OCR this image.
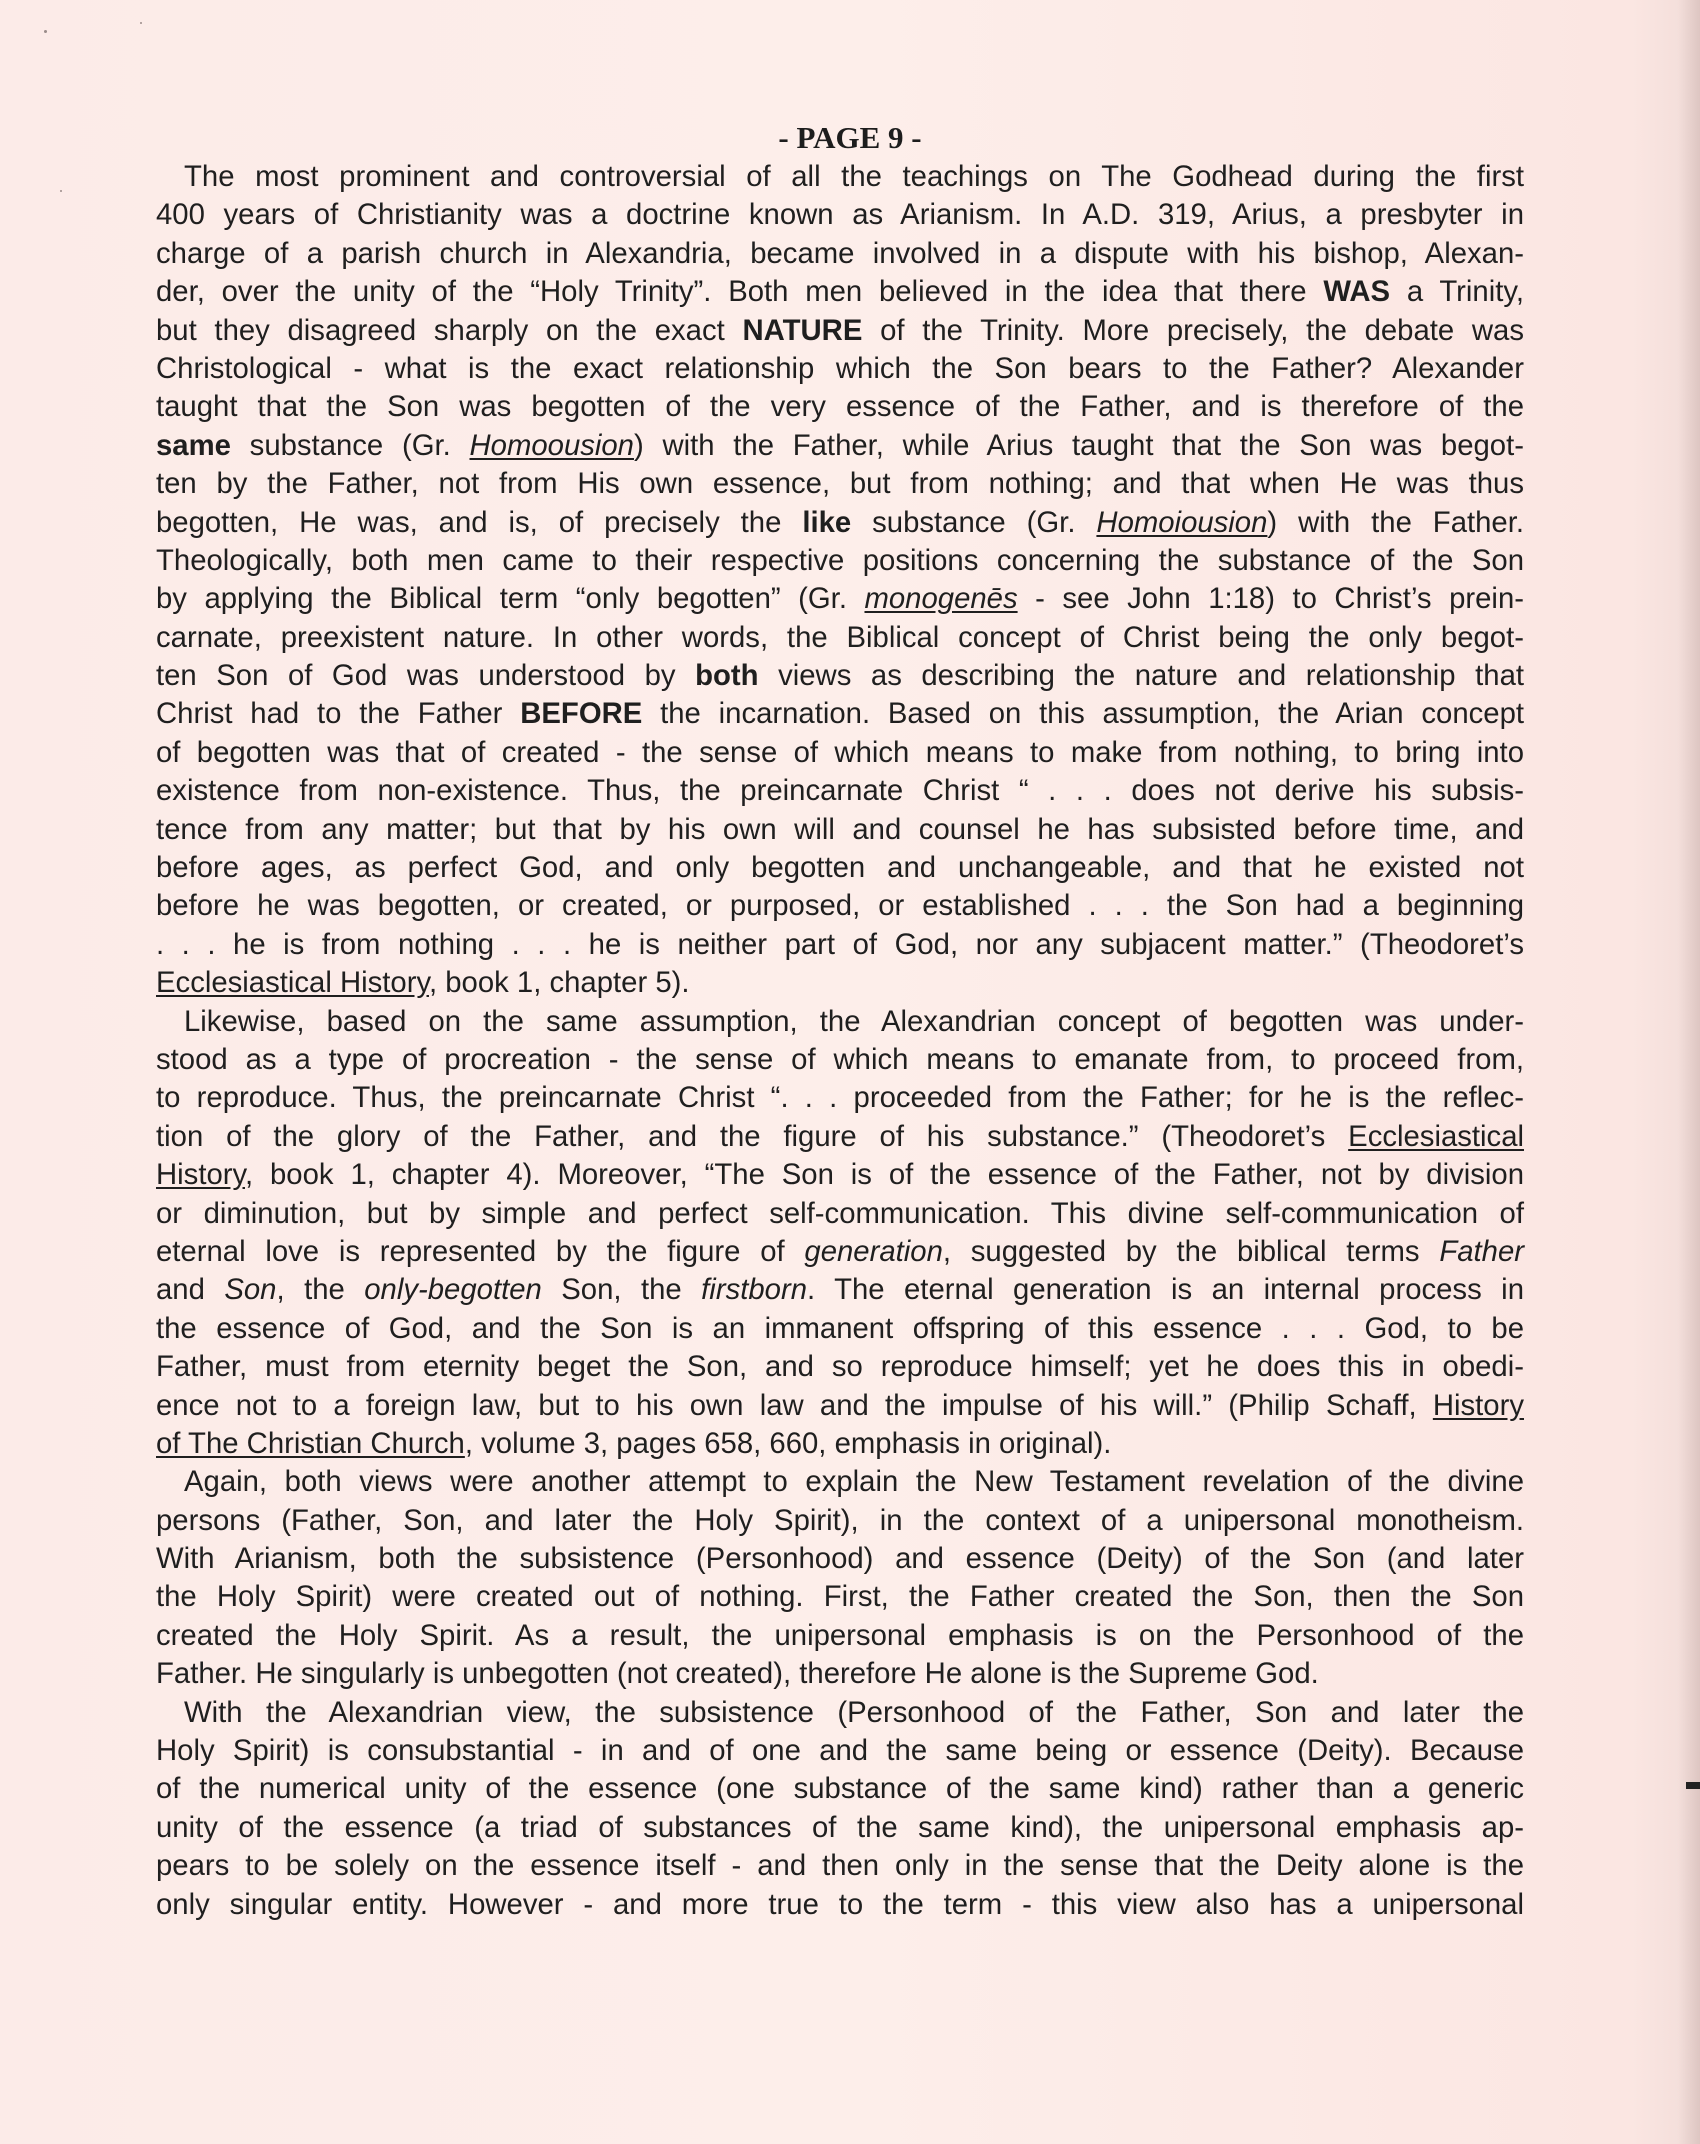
- PAGE 9 -
The most prominent and controversial of all the teachings on The Godhead during the first
400 years of Christianity was a doctrine known as Arianism. In A.D. 319, Arius, a presbyter in
charge of a parish church in Alexandria, became involved in a dispute with his bishop, Alexan-
der, over the unity of the “Holy Trinity”. Both men believed in the idea that there WAS a Trinity,
but they disagreed sharply on the exact NATURE of the Trinity. More precisely, the debate was
Christological - what is the exact relationship which the Son bears to the Father? Alexander
taught that the Son was begotten of the very essence of the Father, and is therefore of the
same substance (Gr. Homoousion) with the Father, while Arius taught that the Son was begot-
ten by the Father, not from His own essence, but from nothing; and that when He was thus
begotten, He was, and is, of precisely the like substance (Gr. Homoiousion) with the Father.
Theologically, both men came to their respective positions concerning the substance of the Son
by applying the Biblical term “only begotten” (Gr. monogenēs - see John 1:18) to Christ’s prein-
carnate, preexistent nature. In other words, the Biblical concept of Christ being the only begot-
ten Son of God was understood by both views as describing the nature and relationship that
Christ had to the Father BEFORE the incarnation. Based on this assumption, the Arian concept
of begotten was that of created - the sense of which means to make from nothing, to bring into
existence from non-existence. Thus, the preincarnate Christ “ . . . does not derive his subsis-
tence from any matter; but that by his own will and counsel he has subsisted before time, and
before ages, as perfect God, and only begotten and unchangeable, and that he existed not
before he was begotten, or created, or purposed, or established . . . the Son had a beginning
. . . he is from nothing . . . he is neither part of God, nor any subjacent matter.” (Theodoret’s
Ecclesiastical History, book 1, chapter 5).
Likewise, based on the same assumption, the Alexandrian concept of begotten was under-
stood as a type of procreation - the sense of which means to emanate from, to proceed from,
to reproduce. Thus, the preincarnate Christ “. . . proceeded from the Father; for he is the reflec-
tion of the glory of the Father, and the figure of his substance.” (Theodoret’s Ecclesiastical
History, book 1, chapter 4). Moreover, “The Son is of the essence of the Father, not by division
or diminution, but by simple and perfect self-communication. This divine self-communication of
eternal love is represented by the figure of generation, suggested by the biblical terms Father
and Son, the only-begotten Son, the firstborn. The eternal generation is an internal process in
the essence of God, and the Son is an immanent offspring of this essence . . . God, to be
Father, must from eternity beget the Son, and so reproduce himself; yet he does this in obedi-
ence not to a foreign law, but to his own law and the impulse of his will.” (Philip Schaff, History
of The Christian Church, volume 3, pages 658, 660, emphasis in original).
Again, both views were another attempt to explain the New Testament revelation of the divine
persons (Father, Son, and later the Holy Spirit), in the context of a unipersonal monotheism.
With Arianism, both the subsistence (Personhood) and essence (Deity) of the Son (and later
the Holy Spirit) were created out of nothing. First, the Father created the Son, then the Son
created the Holy Spirit. As a result, the unipersonal emphasis is on the Personhood of the
Father. He singularly is unbegotten (not created), therefore He alone is the Supreme God.
With the Alexandrian view, the subsistence (Personhood of the Father, Son and later the
Holy Spirit) is consubstantial - in and of one and the same being or essence (Deity). Because
of the numerical unity of the essence (one substance of the same kind) rather than a generic
unity of the essence (a triad of substances of the same kind), the unipersonal emphasis ap-
pears to be solely on the essence itself - and then only in the sense that the Deity alone is the
only singular entity. However - and more true to the term - this view also has a unipersonal
